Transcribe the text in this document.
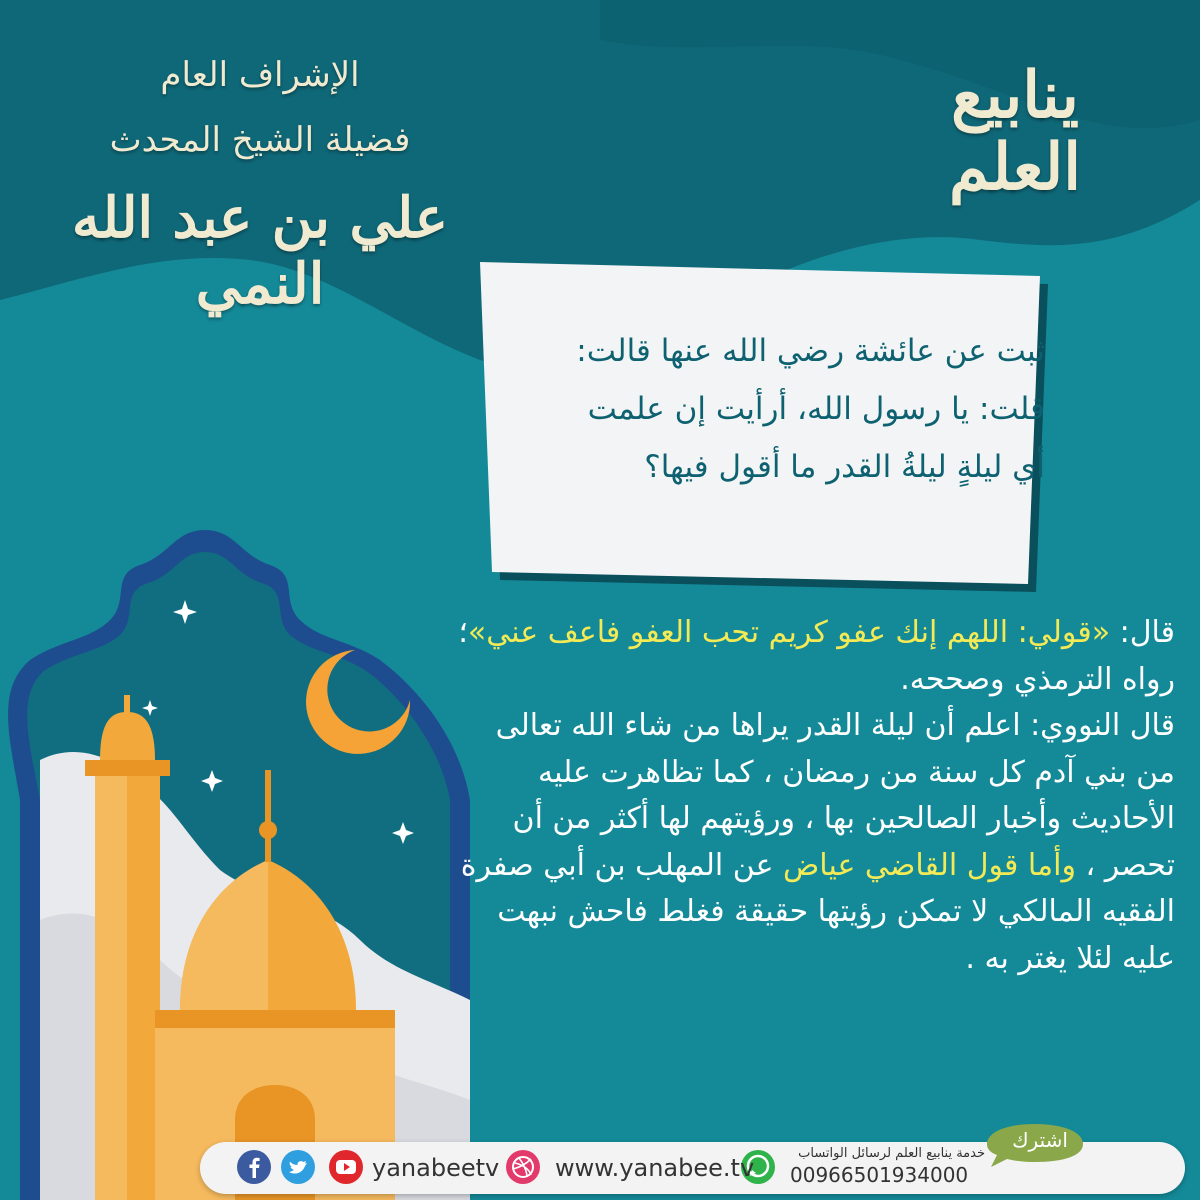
الإشراف العام
فضيلة الشيخ المحدث
علي بن عبد الله النمي
ينابيع العلم
ثبت عن عائشة رضي الله عنها قالت:
قلت: يا رسول الله، أرأيت إن علمت
أي ليلةٍ ليلةُ القدر ما أقول فيها؟
قال: «قولي: اللهم إنك عفو كريم تحب العفو فاعف عني»؛ رواه الترمذي وصححه.
قال النووي: اعلم أن ليلة القدر يراها من شاء الله تعالى من بني آدم كل سنة من رمضان ، كما تظاهرت عليه الأحاديث وأخبار الصالحين بها ، ورؤيتهم لها أكثر من أن تحصر ، وأما قول القاضي عياض عن المهلب بن أبي صفرة الفقيه المالكي لا تمكن رؤيتها حقيقة فغلط فاحش نبهت عليه لئلا يغتر به .
اشترك
خدمة ينابيع العلم لرسائل الواتساب
00966501934000
www.yanabee.tv
yanabeetv
